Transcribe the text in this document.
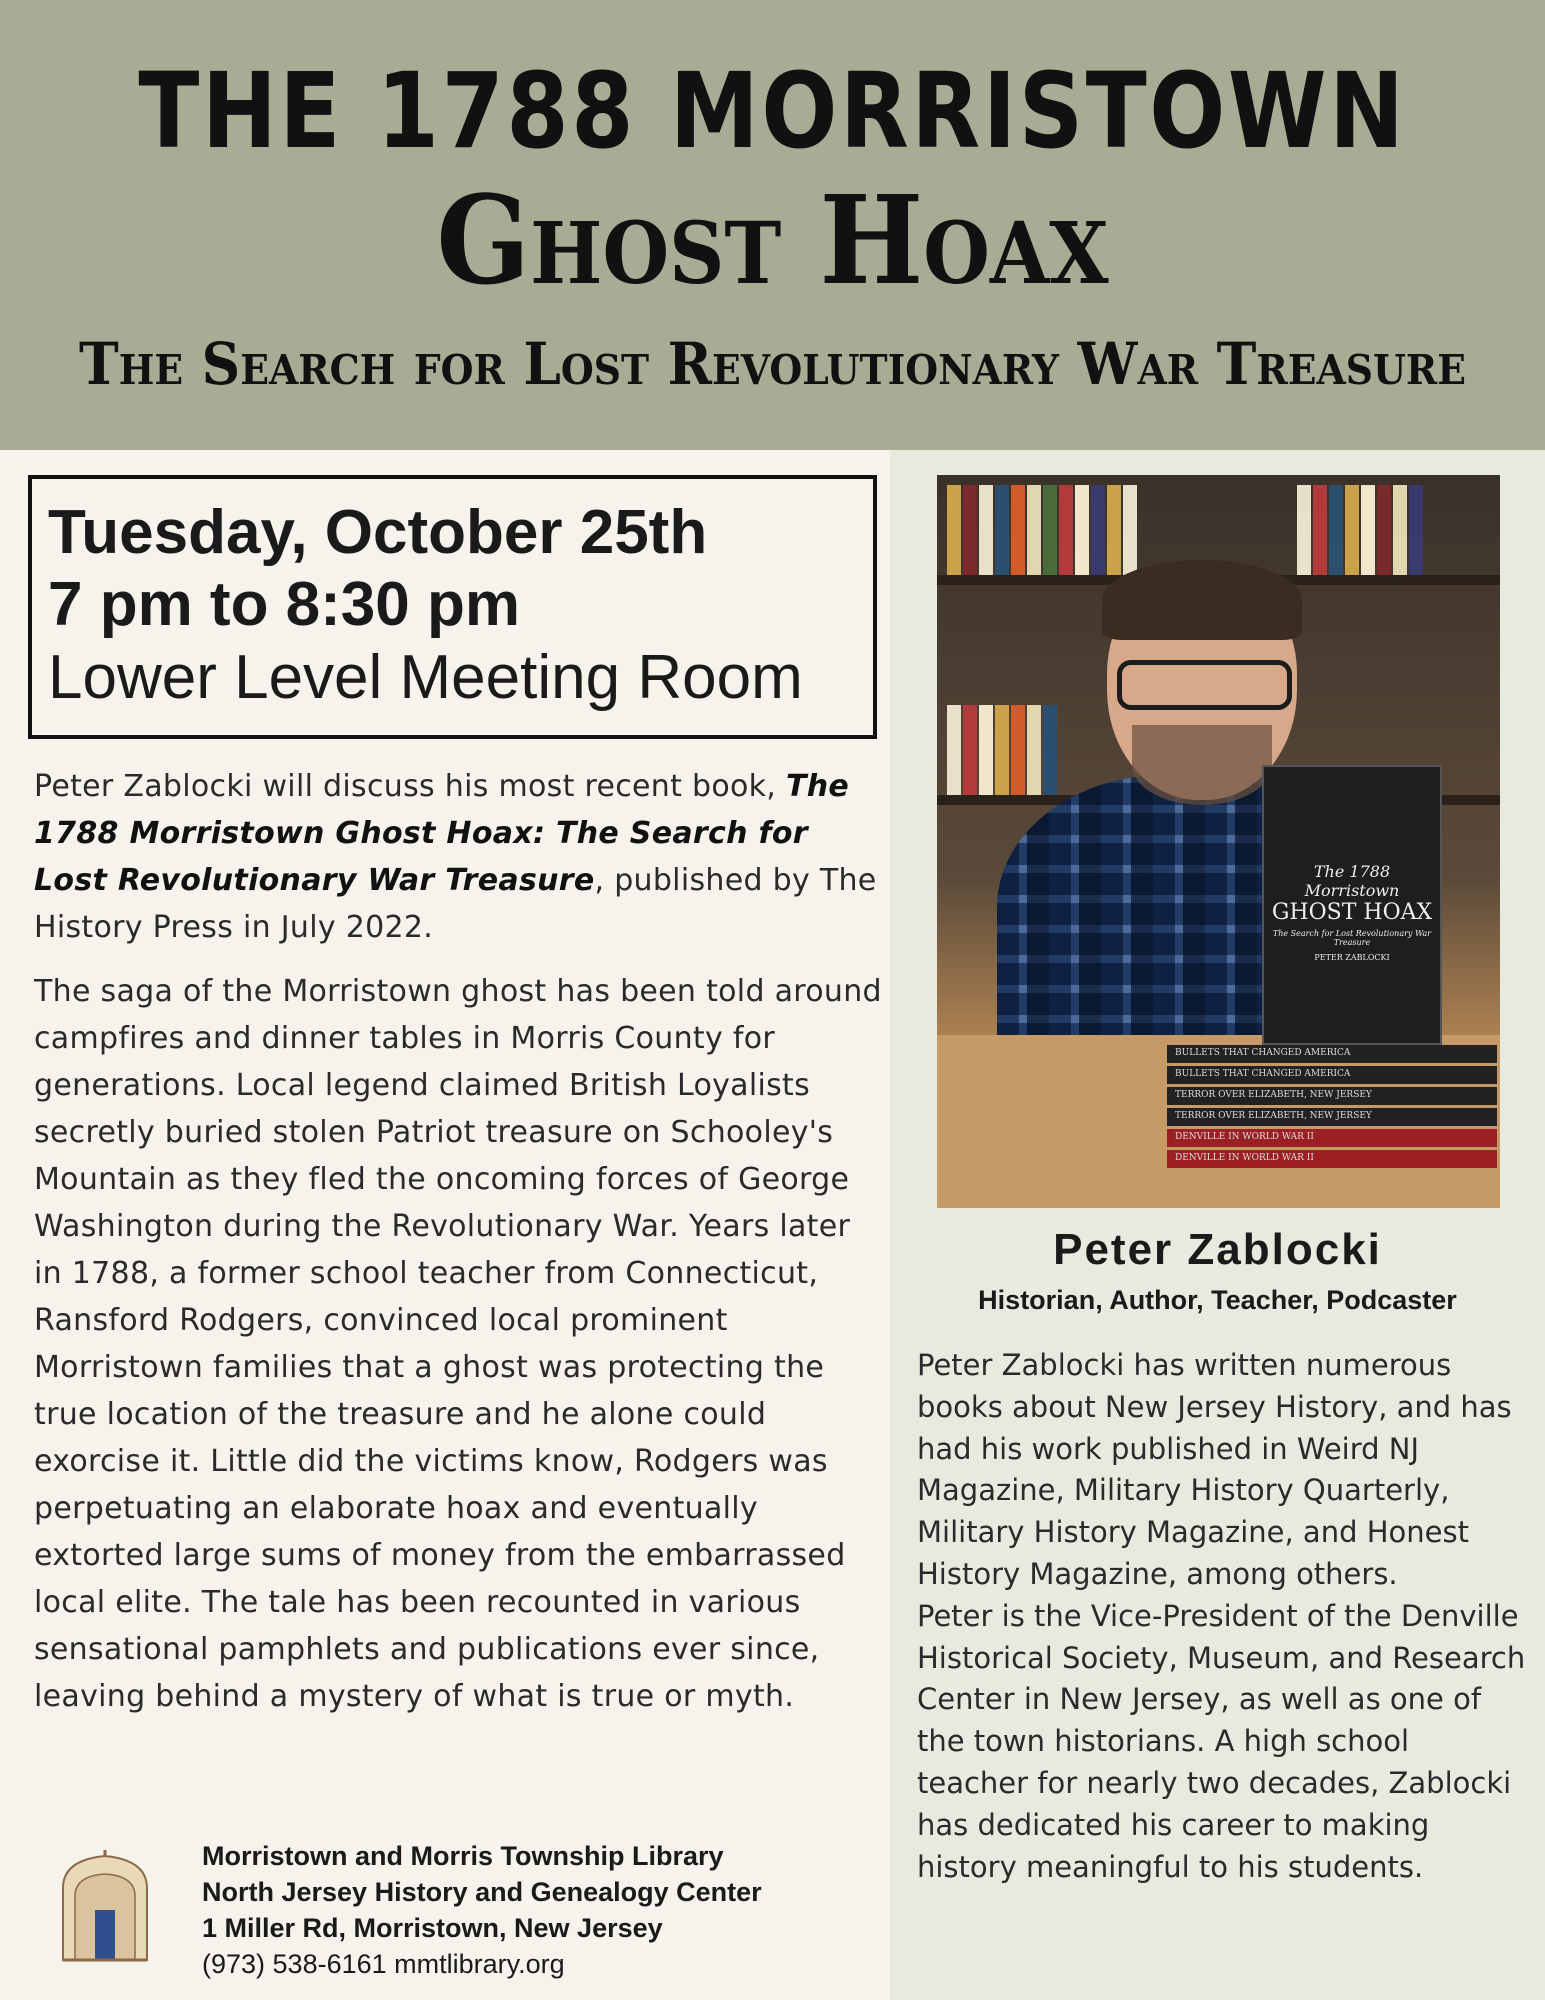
THE 1788 MORRISTOWN
Ghost Hoax
The Search for Lost Revolutionary War Treasure
Tuesday, October 25th
7 pm to 8:30 pm
Lower Level Meeting Room

Peter Zablocki will discuss his most recent book, The 1788 Morristown Ghost Hoax: The Search for Lost Revolutionary War Treasure, published by The History Press in July 2022.

The saga of the Morristown ghost has been told around campfires and dinner tables in Morris County for generations. Local legend claimed British Loyalists secretly buried stolen Patriot treasure on Schooley's Mountain as they fled the oncoming forces of George Washington during the Revolutionary War. Years later in 1788, a former school teacher from Connecticut, Ransford Rodgers, convinced local prominent Morristown families that a ghost was protecting the true location of the treasure and he alone could exorcise it. Little did the victims know, Rodgers was perpetuating an elaborate hoax and eventually extorted large sums of money from the embarrassed local elite. The tale has been recounted in various sensational pamphlets and publications ever since, leaving behind a mystery of what is true or myth.

The 1788 Morristown
GHOST HOAX
The Search for Lost Revolutionary War Treasure
PETER ZABLOCKI
BULLETS THAT CHANGED AMERICA
BULLETS THAT CHANGED AMERICA
TERROR OVER ELIZABETH, NEW JERSEY
TERROR OVER ELIZABETH, NEW JERSEY
DENVILLE IN WORLD WAR II
DENVILLE IN WORLD WAR II
Peter Zablocki
Historian, Author, Teacher, Podcaster

Peter Zablocki has written numerous books about New Jersey History, and has had his work published in Weird NJ Magazine, Military History Quarterly, Military History Magazine, and Honest History Magazine, among others.

Peter is the Vice-President of the Denville Historical Society, Museum, and Research Center in New Jersey, as well as one of the town historians. A high school teacher for nearly two decades, Zablocki has dedicated his career to making history meaningful to his students.

Morristown and Morris Township Library
North Jersey History and Genealogy Center
1 Miller Rd, Morristown, New Jersey
(973) 538-6161 mmtlibrary.org
